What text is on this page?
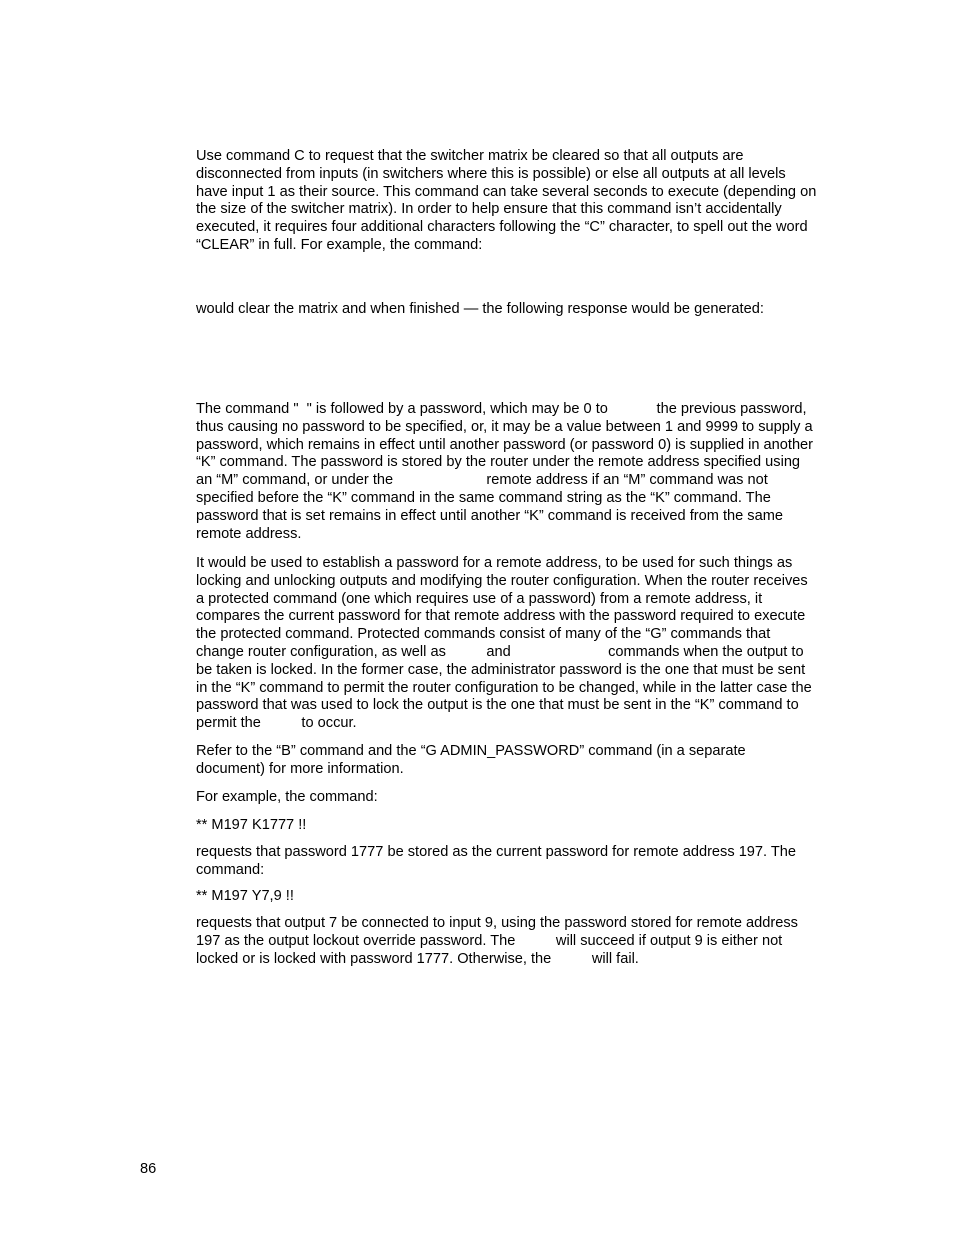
Use command C to request that the switcher matrix be cleared so that all outputs are disconnected from inputs (in switchers where this is possible) or else all outputs at all levels have input 1 as their source. This command can take several seconds to execute (depending on the size of the switcher matrix). In order to help ensure that this command isn’t accidentally executed, it requires four additional characters following the “C” character, to spell out the word “CLEAR” in full. For example, the command:

would clear the matrix and when finished — the following response would be generated:

The command "  " is followed by a password, which may be 0 to            the previous password, thus causing no password to be specified, or, it may be a value between 1 and 9999 to supply a password, which remains in effect until another password (or password 0) is supplied in another “K” command. The password is stored by the router under the remote address specified using an “M” command, or under the                       remote address if an “M” command was not specified before the “K” command in the same command string as the “K” command. The password that is set remains in effect until another “K” command is received from the same remote address.

It would be used to establish a password for a remote address, to be used for such things as locking and unlocking outputs and modifying the router configuration. When the router receives a protected command (one which requires use of a password) from a remote address, it compares the current password for that remote address with the password required to execute the protected command. Protected commands consist of many of the “G” commands that change router configuration, as well as          and                        commands when the output to be taken is locked. In the former case, the administrator password is the one that must be sent in the “K” command to permit the router configuration to be changed, while in the latter case the password that was used to lock the output is the one that must be sent in the “K” command to permit the          to occur.

Refer to the “B” command and the “G ADMIN_PASSWORD” command (in a separate document) for more information.

For example, the command:

** M197 K1777 !!

requests that password 1777 be stored as the current password for remote address 197. The command:

** M197 Y7,9 !!

requests that output 7 be connected to input 9, using the password stored for remote address 197 as the output lockout override password. The          will succeed if output 9 is either not locked or is locked with password 1777. Otherwise, the          will fail.

86
